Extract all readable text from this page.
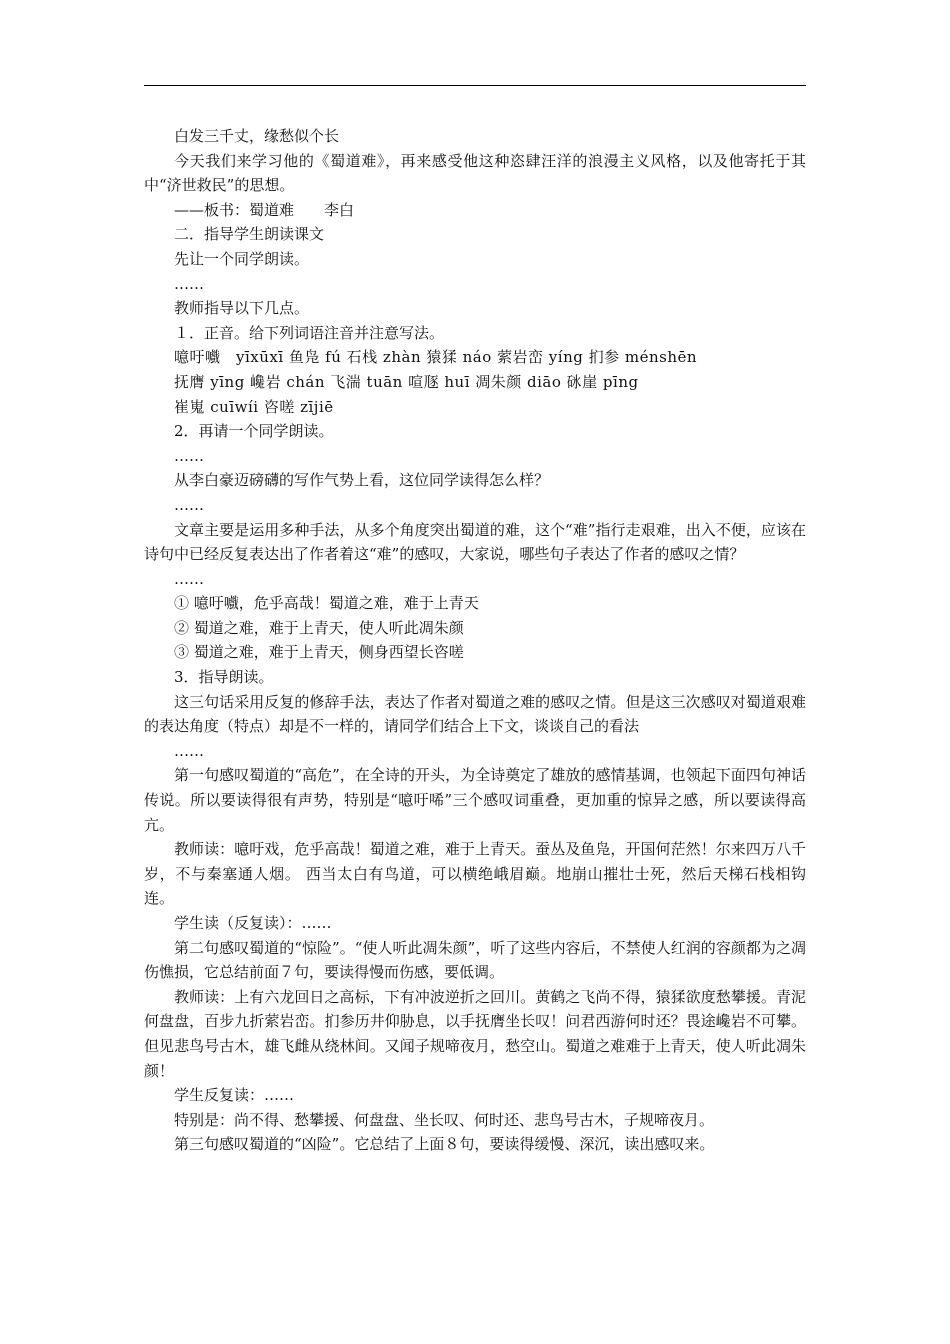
白发三千丈，缘愁似个长

今天我们来学习他的《蜀道难》，再来感受他这种恣肆汪洋的浪漫主义风格，以及他寄托于其中“济世救民”的思想。

——板书：蜀道难　　李白

二．指导学生朗读课文

先让一个同学朗读。

……

教师指导以下几点。

１．正音。给下列词语注音并注意写法。

噫吁嚱　yīxūxī 鱼凫 fú 石栈 zhàn 猿猱 náo 萦岩峦 yíng 扪参 ménshēn

抚膺 yīng 巉岩 chán 飞湍 tuān 喧豗 huī 凋朱颜 diāo 砯崖 pīng

崔嵬 cuīwíi 咨嗟 zījiē

2．再请一个同学朗读。

……

从李白豪迈磅礴的写作气势上看，这位同学读得怎么样？

……

文章主要是运用多种手法，从多个角度突出蜀道的难，这个“难”指行走艰难，出入不便，应该在诗句中已经反复表达出了作者着这“难”的感叹，大家说，哪些句子表达了作者的感叹之情？

……

① 噫吁嚱，危乎高哉！蜀道之难，难于上青天

② 蜀道之难，难于上青天，使人听此凋朱颜

③ 蜀道之难，难于上青天，侧身西望长咨嗟

3．指导朗读。

这三句话采用反复的修辞手法，表达了作者对蜀道之难的感叹之情。但是这三次感叹对蜀道艰难的表达角度（特点）却是不一样的，请同学们结合上下文，谈谈自己的看法

……

第一句感叹蜀道的“高危”，在全诗的开头，为全诗奠定了雄放的感情基调，也领起下面四句神话传说。所以要读得很有声势，特别是“噫吁唏”三个感叹词重叠，更加重的惊异之感，所以要读得高亢。

教师读：噫吁戏，危乎高哉！蜀道之难，难于上青天。蚕丛及鱼凫，开国何茫然！尔来四万八千岁，不与秦塞通人烟。 西当太白有鸟道，可以横绝峨眉巅。地崩山摧壮士死，然后天梯石栈相钩连。

学生读（反复读）：……

第二句感叹蜀道的“惊险”。“使人听此凋朱颜”，听了这些内容后，不禁使人红润的容颜都为之凋伤憔损，它总结前面７句，要读得慢而伤感，要低调。

教师读：上有六龙回日之高标，下有冲波逆折之回川。黄鹤之飞尚不得，猿猱欲度愁攀援。青泥何盘盘，百步九折萦岩峦。扪参历井仰胁息，以手抚膺坐长叹！问君西游何时还？畏途巉岩不可攀。但见悲鸟号古木，雄飞雌从绕林间。又闻子规啼夜月，愁空山。蜀道之难难于上青天，使人听此凋朱颜！

学生反复读：……

特别是：尚不得、愁攀援、何盘盘、坐长叹、何时还、悲鸟号古木，子规啼夜月。

第三句感叹蜀道的“凶险”。它总结了上面８句，要读得缓慢、深沉，读出感叹来。
